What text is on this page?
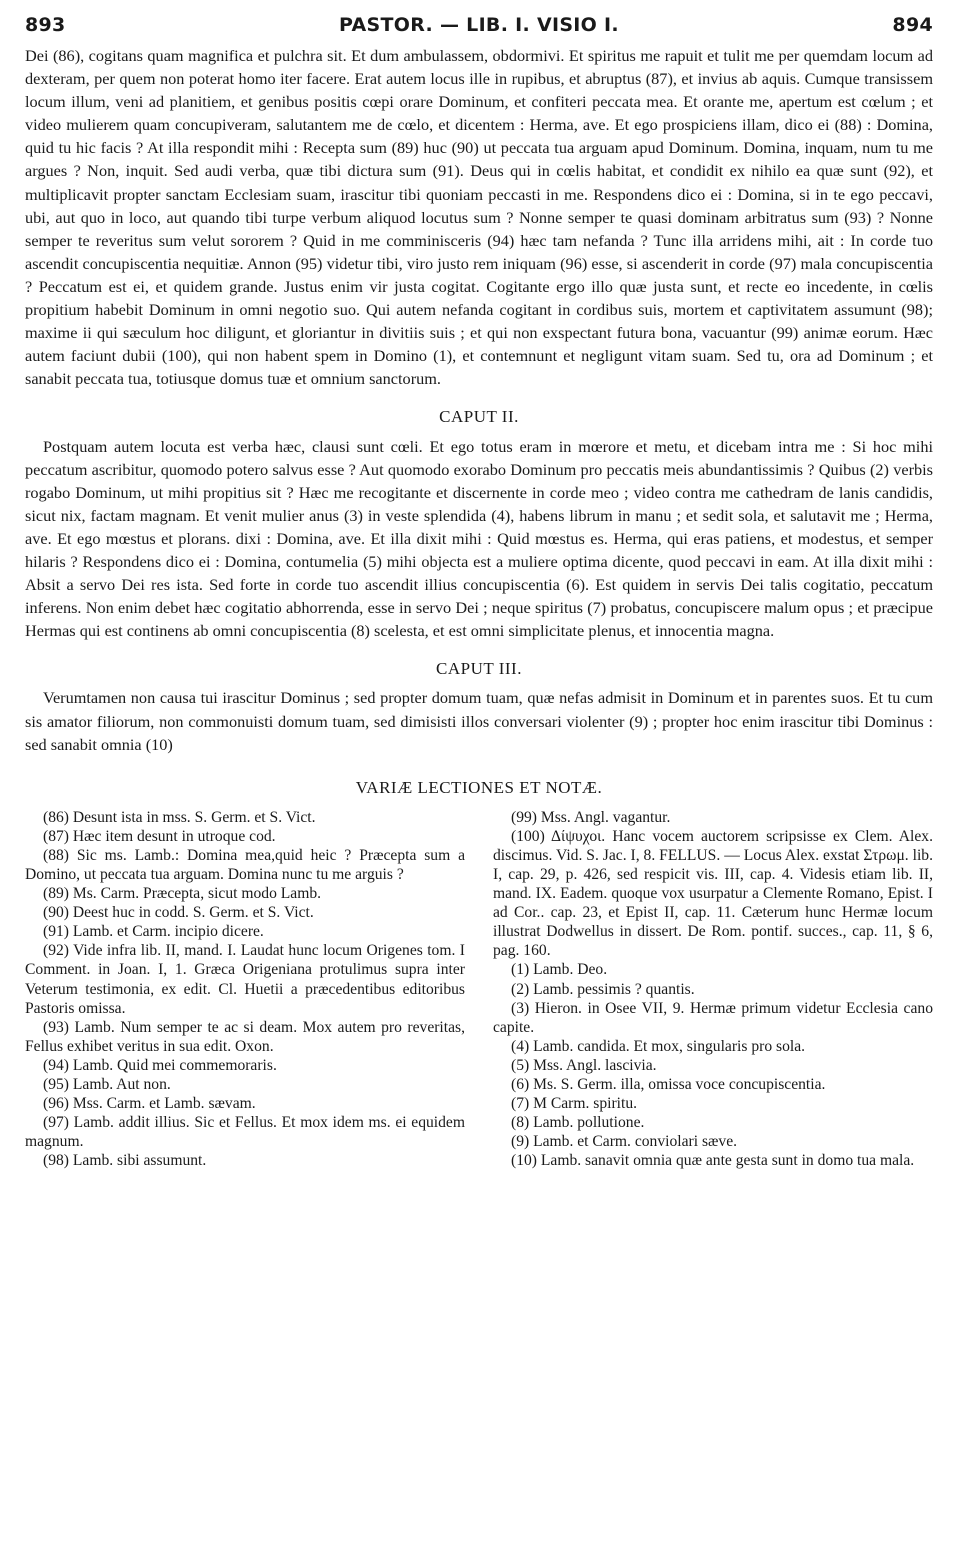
893	PASTOR. — LIB. I. VISIO I.	894

Dei (86), cogitans quam magnifica et pulchra sit. Et dum ambulassem, obdormivi. Et spiritus me rapuit et tulit me per quemdam locum ad dexteram, per quem non poterat homo iter facere. Erat autem locus ille in rupibus, et abruptus (87), et invius ab aquis. Cumque transissem locum illum, veni ad planitiem, et genibus positis cœpi orare Dominum, et confiteri peccata mea. Et orante me, apertum est cœlum ; et video mulierem quam concupiveram, salutantem me de cœlo, et dicentem : Herma, ave. Et ego prospiciens illam, dico ei (88) : Domina, quid tu hic facis ? At illa respondit mihi : Recepta sum (89) huc (90) ut peccata tua arguam apud Dominum. Domina, inquam, num tu me argues ? Non, inquit. Sed audi verba, quæ tibi dictura sum (91). Deus qui in cœlis habitat, et condidit ex nihilo ea quæ sunt (92), et multiplicavit propter sanctam Ecclesiam suam, irascitur tibi quoniam peccasti in me. Respondens dico ei : Domina, si in te ego peccavi, ubi, aut quo in loco, aut quando tibi turpe verbum aliquod locutus sum ? Nonne semper te quasi dominam arbitratus sum (93) ? Nonne semper te reveritus sum velut sororem ? Quid in me comminisceris (94) hæc tam nefanda ? Tunc illa arridens mihi, ait : In corde tuo ascendit concupiscentia nequitiæ. Annon (95) videtur tibi, viro justo rem iniquam (96) esse, si ascenderit in corde (97) mala concupiscentia ? Peccatum est ei, et quidem grande. Justus enim vir justa cogitat. Cogitante ergo illo quæ justa sunt, et recte eo incedente, in cœlis propitium habebit Dominum in omni negotio suo. Qui autem nefanda cogitant in cordibus suis, mortem et captivitatem assumunt (98); maxime ii qui sæculum hoc diligunt, et gloriantur in divitiis suis ; et qui non exspectant futura bona, vacuantur (99) animæ eorum. Hæc autem faciunt dubii (100), qui non habent spem in Domino (1), et contemnunt et negligunt vitam suam. Sed tu, ora ad Dominum ; et sanabit peccata tua, totiusque domus tuæ et omnium sanctorum.

CAPUT II.

Postquam autem locuta est verba hæc, clausi sunt cœli. Et ego totus eram in mœrore et metu, et dicebam intra me : Si hoc mihi peccatum ascribitur, quomodo potero salvus esse ? Aut quomodo exorabo Dominum pro peccatis meis abundantissimis ? Quibus (2) verbis rogabo Dominum, ut mihi propitius sit ? Hæc me recogitante et discernente in corde meo ; video contra me cathedram de lanis candidis, sicut nix, factam magnam. Et venit mulier anus (3) in veste splendida (4), habens librum in manu ; et sedit sola, et salutavit me ; Herma, ave. Et ego mœstus et plorans. dixi : Domina, ave. Et illa dixit mihi : Quid mœstus es. Herma, qui eras patiens, et modestus, et semper hilaris ? Respondens dico ei : Domina, contumelia (5) mihi objecta est a muliere optima dicente, quod peccavi in eam. At illa dixit mihi : Absit a servo Dei res ista. Sed forte in corde tuo ascendit illius concupiscentia (6). Est quidem in servis Dei talis cogitatio, peccatum inferens. Non enim debet hæc cogitatio abhorrenda, esse in servo Dei ; neque spiritus (7) probatus, concupiscere malum opus ; et præcipue Hermas qui est continens ab omni concupiscentia (8) scelesta, et est omni simplicitate plenus, et innocentia magna.

CAPUT III.

Verumtamen non causa tui irascitur Dominus ; sed propter domum tuam, quæ nefas admisit in Dominum et in parentes suos. Et tu cum sis amator filiorum, non commonuisti domum tuam, sed dimisisti illos conversari violenter (9) ; propter hoc enim irascitur tibi Dominus : sed sanabit omnia (10)

VARIÆ LECTIONES ET NOTÆ.

(86) Desunt ista in mss. S. Germ. et S. Vict.

(87) Hæc item desunt in utroque cod.

(88) Sic ms. Lamb.: Domina mea,quid heic ? Præcepta sum a Domino, ut peccata tua arguam. Domina nunc tu me arguis ?

(89) Ms. Carm. Præcepta, sicut modo Lamb.

(90) Deest huc in codd. S. Germ. et S. Vict.

(91) Lamb. et Carm. incipio dicere.

(92) Vide infra lib. II, mand. I. Laudat hunc locum Origenes tom. I Comment. in Joan. I, 1. Græca Origeniana protulimus supra inter Veterum testimonia, ex edit. Cl. Huetii a præcedentibus editoribus Pastoris omissa.

(93) Lamb. Num semper te ac si deam. Mox autem pro reveritas, Fellus exhibet veritus in sua edit. Oxon.

(94) Lamb. Quid mei commemoraris.

(95) Lamb. Aut non.

(96) Mss. Carm. et Lamb. sævam.

(97) Lamb. addit illius. Sic et Fellus. Et mox idem ms. ei equidem magnum.

(98) Lamb. sibi assumunt.

(99) Mss. Angl. vagantur.

(100) Δίψυχοι. Hanc vocem auctorem scripsisse ex Clem. Alex. discimus. Vid. S. Jac. I, 8. FELLUS. — Locus Alex. exstat Στρωμ. lib. I, cap. 29, p. 426, sed respicit vis. III, cap. 4. Videsis etiam lib. II, mand. IX. Eadem. quoque vox usurpatur a Clemente Romano, Epist. I ad Cor.. cap. 23, et Epist II, cap. 11. Cæterum hunc Hermæ locum illustrat Dodwellus in dissert. De Rom. pontif. succes., cap. 11, § 6, pag. 160.

(1) Lamb. Deo.

(2) Lamb. pessimis ? quantis.

(3) Hieron. in Osee VII, 9. Hermæ primum videtur Ecclesia cano capite.

(4) Lamb. candida. Et mox, singularis pro sola.

(5) Mss. Angl. lascivia.

(6) Ms. S. Germ. illa, omissa voce concupiscentia.

(7) M Carm. spiritu.

(8) Lamb. pollutione.

(9) Lamb. et Carm. conviolari sæve.

(10) Lamb. sanavit omnia quæ ante gesta sunt in domo tua mala.
